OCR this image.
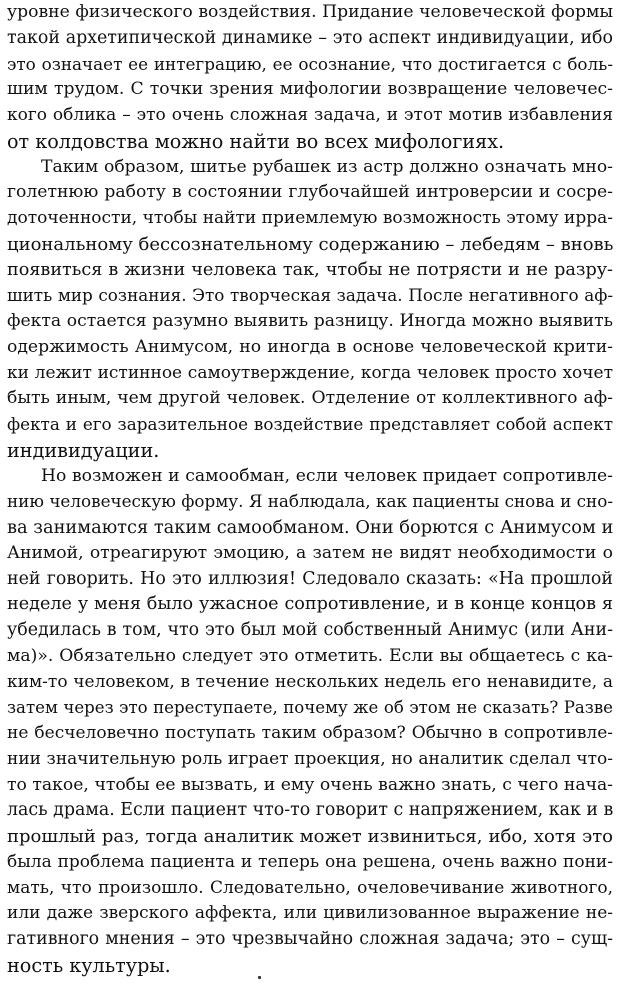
уровне физического воздействия. Придание человеческой формы
такой архетипической динамике – это аспект индивидуации, ибо
это означает ее интеграцию, ее осознание, что достигается с боль-
шим трудом. С точки зрения мифологии возвращение человечес-
кого облика – это очень сложная задача, и этот мотив избавления
от колдовства можно найти во всех мифологиях.
Таким образом, шитье рубашек из астр должно означать мно-
голетнюю работу в состоянии глубочайшей интроверсии и сосре-
доточенности, чтобы найти приемлемую возможность этому ирра-
циональному бессознательному содержанию – лебедям – вновь
появиться в жизни человека так, чтобы не потрясти и не разру-
шить мир сознания. Это творческая задача. После негативного аф-
фекта остается разумно выявить разницу. Иногда можно выявить
одержимость Анимусом, но иногда в основе человеческой крити-
ки лежит истинное самоутверждение, когда человек просто хочет
быть иным, чем другой человек. Отделение от коллективного аф-
фекта и его заразительное воздействие представляет собой аспект
индивидуации.
Но возможен и самообман, если человек придает сопротивле-
нию человеческую форму. Я наблюдала, как пациенты снова и сно-
ва занимаются таким самообманом. Они борются с Анимусом и
Анимой, отреагируют эмоцию, а затем не видят необходимости о
ней говорить. Но это иллюзия! Следовало сказать: «На прошлой
неделе у меня было ужасное сопротивление, и в конце концов я
убедилась в том, что это был мой собственный Анимус (или Ани-
ма)». Обязательно следует это отметить. Если вы общаетесь с ка-
ким-то человеком, в течение нескольких недель его ненавидите, а
затем через это переступаете, почему же об этом не сказать? Разве
не бесчеловечно поступать таким образом? Обычно в сопротивле-
нии значительную роль играет проекция, но аналитик сделал что-
то такое, чтобы ее вызвать, и ему очень важно знать, с чего нача-
лась драма. Если пациент что-то говорит с напряжением, как и в
прошлый раз, тогда аналитик может извиниться, ибо, хотя это
была проблема пациента и теперь она решена, очень важно пони-
мать, что произошло. Следовательно, очеловечивание животного,
или даже зверского аффекта, или цивилизованное выражение не-
гативного мнения – это чрезвычайно сложная задача; это – сущ-
ность культуры.
